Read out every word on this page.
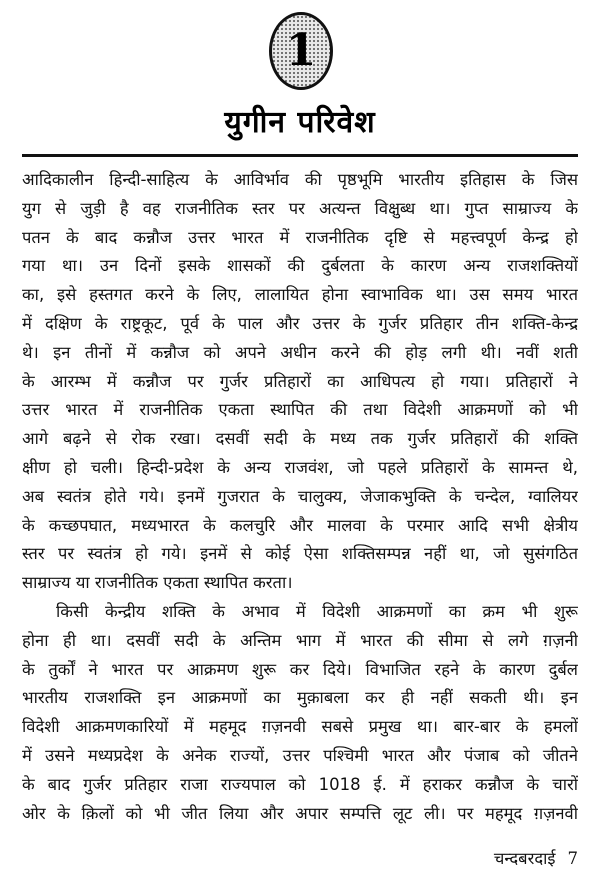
1
युगीन परिवेश
आदिकालीन हिन्दी-साहित्य के आविर्भाव की पृष्ठभूमि भारतीय इतिहास के जिस
युग से जुड़ी है वह राजनीतिक स्तर पर अत्यन्त विक्षुब्ध था। गुप्त साम्राज्य के
पतन के बाद कन्नौज उत्तर भारत में राजनीतिक दृष्टि से महत्त्वपूर्ण केन्द्र हो
गया था। उन दिनों इसके शासकों की दुर्बलता के कारण अन्य राजशक्तियों
का, इसे हस्तगत करने के लिए, लालायित होना स्वाभाविक था। उस समय भारत
में दक्षिण के राष्ट्रकूट, पूर्व के पाल और उत्तर के गुर्जर प्रतिहार तीन शक्ति-केन्द्र
थे। इन तीनों में कन्नौज को अपने अधीन करने की होड़ लगी थी। नवीं शती
के आरम्भ में कन्नौज पर गुर्जर प्रतिहारों का आधिपत्य हो गया। प्रतिहारों ने
उत्तर भारत में राजनीतिक एकता स्थापित की तथा विदेशी आक्रमणों को भी
आगे बढ़ने से रोक रखा। दसवीं सदी के मध्य तक गुर्जर प्रतिहारों की शक्ति
क्षीण हो चली। हिन्दी-प्रदेश के अन्य राजवंश, जो पहले प्रतिहारों के सामन्त थे,
अब स्वतंत्र होते गये। इनमें गुजरात के चालुक्य, जेजाकभुक्ति के चन्देल, ग्वालियर
के कच्छपघात, मध्यभारत के कलचुरि और मालवा के परमार आदि सभी क्षेत्रीय
स्तर पर स्वतंत्र हो गये। इनमें से कोई ऐसा शक्तिसम्पन्न नहीं था, जो सुसंगठित
साम्राज्य या राजनीतिक एकता स्थापित करता।
किसी केन्द्रीय शक्ति के अभाव में विदेशी आक्रमणों का क्रम भी शुरू
होना ही था। दसवीं सदी के अन्तिम भाग में भारत की सीमा से लगे ग़ज़नी
के तुर्कों ने भारत पर आक्रमण शुरू कर दिये। विभाजित रहने के कारण दुर्बल
भारतीय राजशक्ति इन आक्रमणों का मुक़ाबला कर ही नहीं सकती थी। इन
विदेशी आक्रमणकारियों में महमूद ग़ज़नवी सबसे प्रमुख था। बार-बार के हमलों
में उसने मध्यप्रदेश के अनेक राज्यों, उत्तर पश्चिमी भारत और पंजाब को जीतने
के बाद गुर्जर प्रतिहार राजा राज्यपाल को 1018 ई. में हराकर कन्नौज के चारों
ओर के क़िलों को भी जीत लिया और अपार सम्पत्ति लूट ली। पर महमूद ग़ज़नवी
चन्दबरदाई 7
